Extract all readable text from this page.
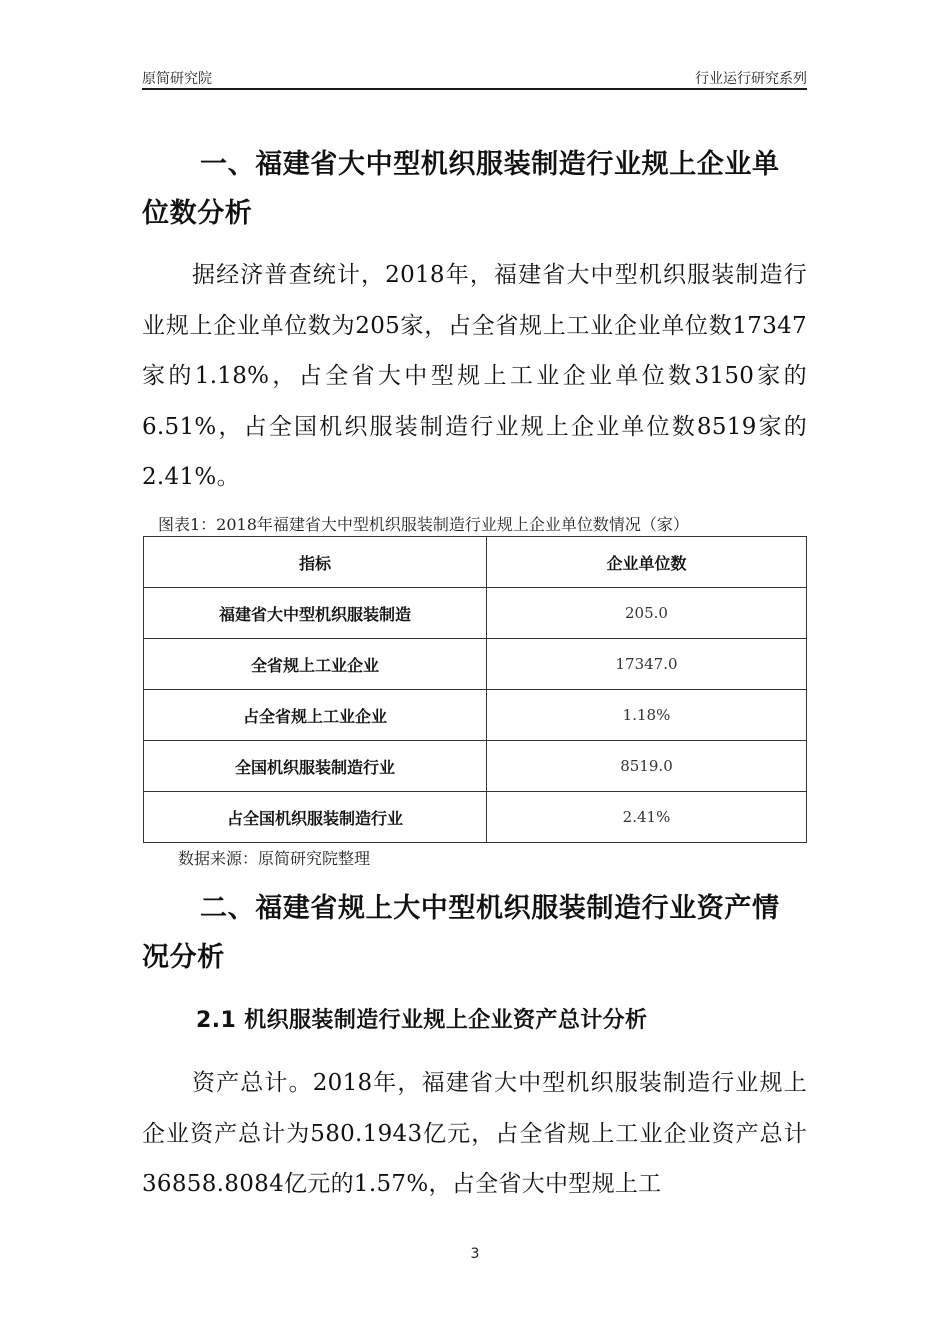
原简研究院	行业运行研究系列
一、福建省大中型机织服装制造行业规上企业单位数分析
据经济普查统计，2018年，福建省大中型机织服装制造行业规上企业单位数为205家，占全省规上工业企业单位数17347家的1.18%，占全省大中型规上工业企业单位数3150家的6.51%，占全国机织服装制造行业规上企业单位数8519家的2.41%。
图表1：2018年福建省大中型机织服装制造行业规上企业单位数情况（家）
指标	企业单位数
福建省大中型机织服装制造	205.0
全省规上工业企业	17347.0
占全省规上工业企业	1.18%
全国机织服装制造行业	8519.0
占全国机织服装制造行业	2.41%
数据来源：原简研究院整理
二、福建省规上大中型机织服装制造行业资产情况分析
2.1 机织服装制造行业规上企业资产总计分析
资产总计。2018年，福建省大中型机织服装制造行业规上企业资产总计为580.1943亿元，占全省规上工业企业资产总计36858.8084亿元的1.57%，占全省大中型规上工
3
